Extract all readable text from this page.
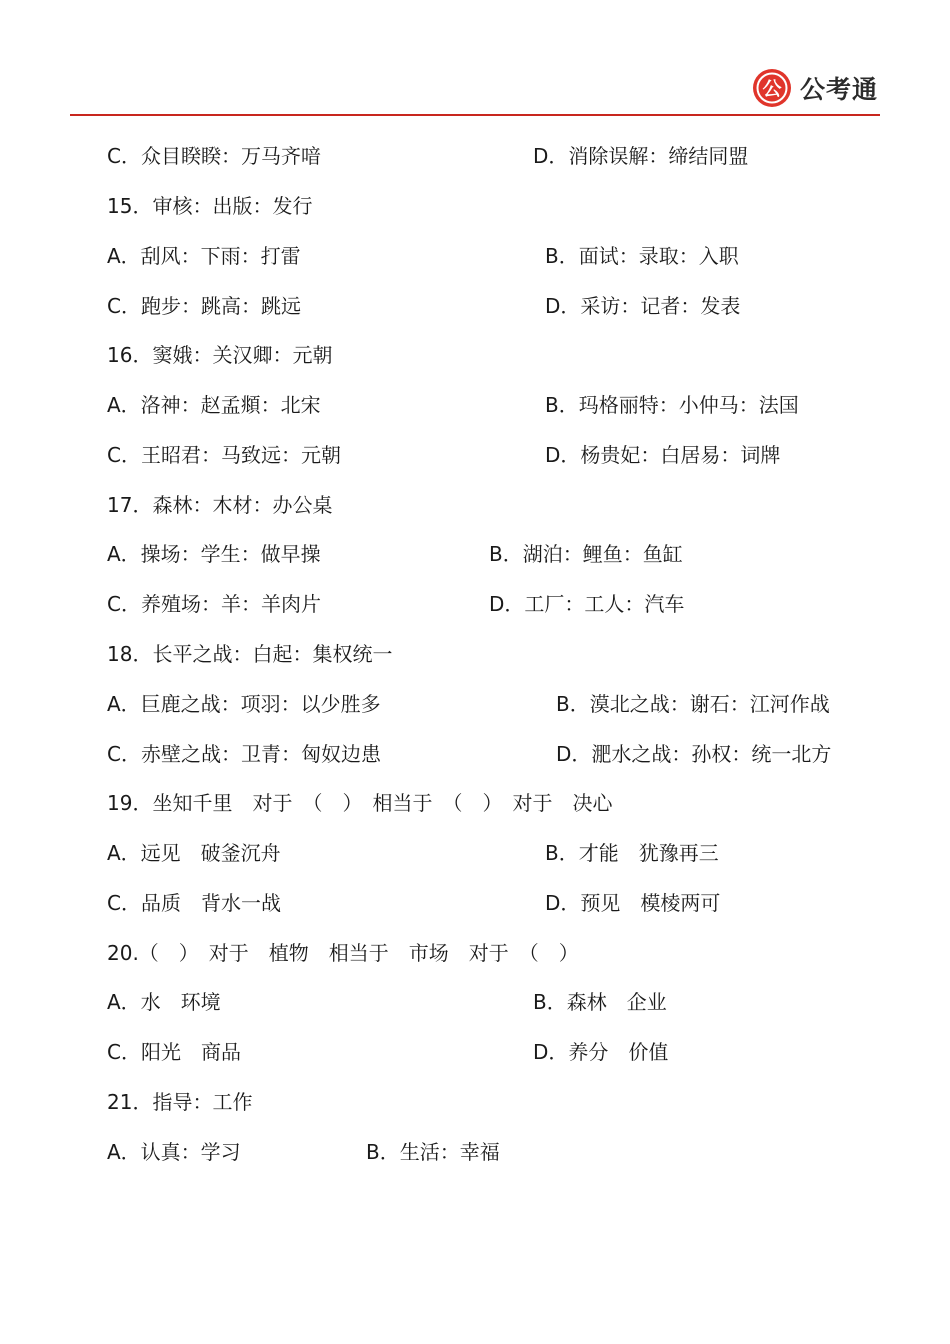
公 公考通
C．众目睽睽：万马齐喑	D．消除误解：缔结同盟
15．审核：出版：发行
A．刮风：下雨：打雷	B．面试：录取：入职
C．跑步：跳高：跳远	D．采访：记者：发表
16．窦娥：关汉卿：元朝
A．洛神：赵孟頫：北宋	B．玛格丽特：小仲马：法国
C．王昭君：马致远：元朝	D．杨贵妃：白居易：词牌
17．森林：木材：办公桌
A．操场：学生：做早操	B．湖泊：鲤鱼：鱼缸
C．养殖场：羊：羊肉片	D．工厂：工人：汽车
18．长平之战：白起：集权统一
A．巨鹿之战：项羽：以少胜多	B．漠北之战：谢石：江河作战
C．赤壁之战：卫青：匈奴边患	D．淝水之战：孙权：统一北方
19．坐知千里　对于　（　）　相当于　（　）　对于　决心
A．远见　破釜沉舟	B．才能　犹豫再三
C．品质　背水一战	D．预见　模棱两可
20.（　）　对于　植物　相当于　市场　对于　（　）
A．水　环境	B．森林　企业
C．阳光　商品	D．养分　价值
21．指导：工作
A．认真：学习	B．生活：幸福
